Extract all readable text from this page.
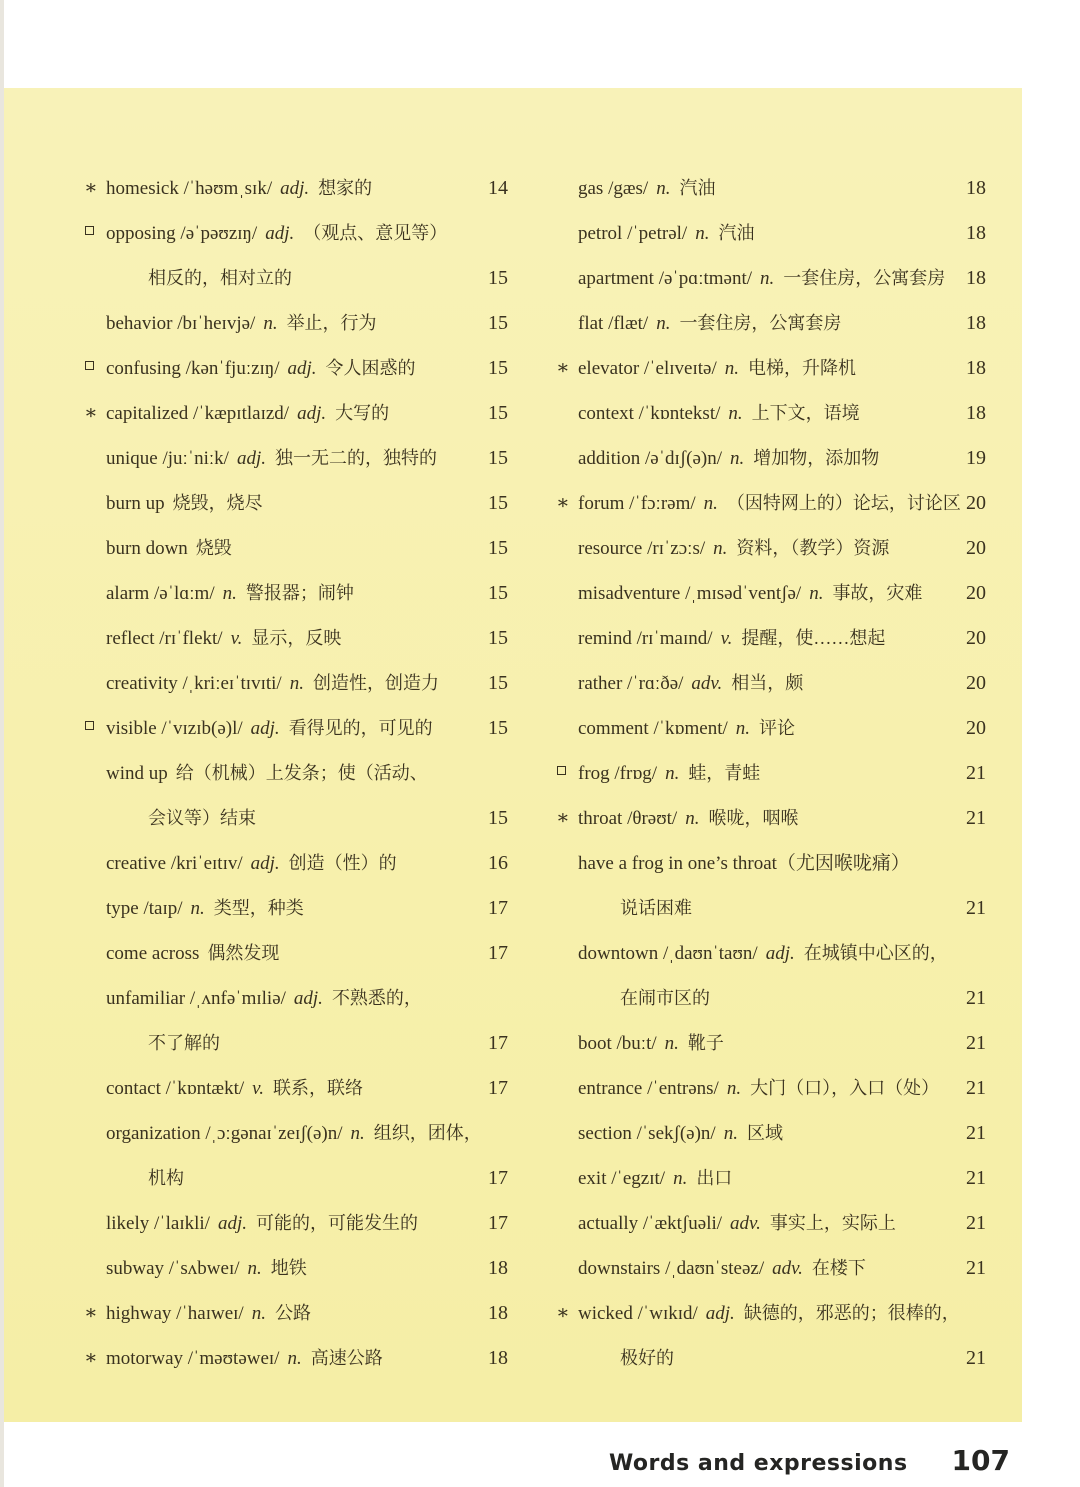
∗ homesick /ˈhəʊmˌsɪk/ adj. 想家的	14
opposing /əˈpəʊzɪŋ/ adj. （观点、意见等）
相反的，相对立的	15
behavior /bɪˈheɪvjə/ n. 举止，行为	15
confusing /kənˈfjuːzɪŋ/ adj. 令人困惑的	15
∗ capitalized /ˈkæpɪtlaɪzd/ adj. 大写的	15
unique /juːˈniːk/ adj. 独一无二的，独特的	15
burn up 烧毁，烧尽	15
burn down 烧毁	15
alarm /əˈlɑːm/ n. 警报器；闹钟	15
reflect /rɪˈflekt/ v. 显示，反映	15
creativity /ˌkriːeɪˈtɪvɪti/ n. 创造性，创造力 15
visible /ˈvɪzɪb(ə)l/ adj. 看得见的，可见的	15
wind up 给（机械）上发条；使（活动、
会议等）结束	15
creative /kriˈeɪtɪv/ adj. 创造（性）的	16
type /taɪp/ n. 类型，种类	17
come across 偶然发现	17
unfamiliar /ˌʌnfəˈmɪliə/ adj. 不熟悉的，
不了解的	17
contact /ˈkɒntækt/ v. 联系，联络	17
organization /ˌɔːgənaɪˈzeɪʃ(ə)n/ n. 组织，团体，
机构	17
likely /ˈlaɪkli/ adj. 可能的，可能发生的	17
subway /ˈsʌbweɪ/ n. 地铁	18
∗ highway /ˈhaɪweɪ/ n. 公路	18
∗ motorway /ˈməʊtəweɪ/ n. 高速公路	18
gas /gæs/ n. 汽油	18
petrol /ˈpetrəl/ n. 汽油	18
apartment /əˈpɑːtmənt/ n. 一套住房，公寓套房 18
flat /flæt/ n. 一套住房，公寓套房	18
∗ elevator /ˈelɪveɪtə/ n. 电梯，升降机	18
context /ˈkɒntekst/ n. 上下文，语境	18
addition /əˈdɪʃ(ə)n/ n. 增加物，添加物	19
∗ forum /ˈfɔːrəm/ n. （因特网上的）论坛，讨论区 20
resource /rɪˈzɔːs/ n. 资料，（教学）资源	20
misadventure /ˌmɪsədˈventʃə/ n. 事故，灾难 20
remind /rɪˈmaɪnd/ v. 提醒，使……想起	20
rather /ˈrɑːðə/ adv. 相当，颇	20
comment /ˈkɒment/ n. 评论	20
frog /frɒg/ n. 蛙，青蛙	21
∗ throat /θrəʊt/ n. 喉咙，咽喉	21
have a frog in one’s throat（尤因喉咙痛）
说话困难	21
downtown /ˌdaʊnˈtaʊn/ adj. 在城镇中心区的，
在闹市区的	21
boot /buːt/ n. 靴子	21
entrance /ˈentrəns/ n. 大门（口），入口（处） 21
section /ˈsekʃ(ə)n/ n. 区域	21
exit /ˈegzɪt/ n. 出口	21
actually /ˈæktʃuəli/ adv. 事实上，实际上	21
downstairs /ˌdaʊnˈsteəz/ adv. 在楼下	21
∗ wicked /ˈwɪkɪd/ adj. 缺德的，邪恶的；很棒的，
极好的	21
Words and expressions 107
